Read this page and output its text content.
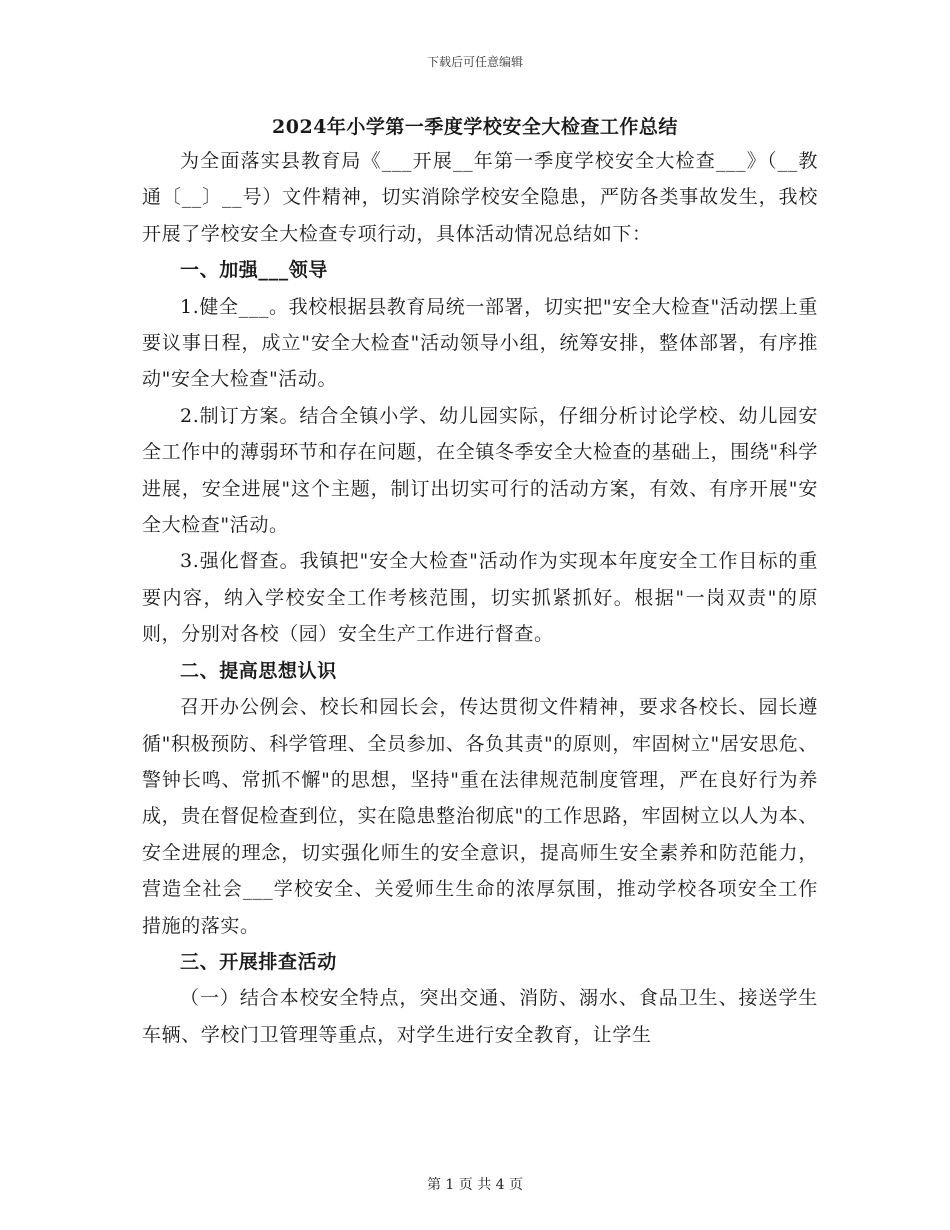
下载后可任意编辑
2024年小学第一季度学校安全大检查工作总结

为全面落实县教育局《___开展__年第一季度学校安全大检查___》（__教通〔__〕__号）文件精神，切实消除学校安全隐患，严防各类事故发生，我校开展了学校安全大检查专项行动，具体活动情况总结如下：

一、加强___领导

1.健全___。我校根据县教育局统一部署，切实把"安全大检查"活动摆上重要议事日程，成立"安全大检查"活动领导小组，统筹安排，整体部署，有序推动"安全大检查"活动。

2.制订方案。结合全镇小学、幼儿园实际，仔细分析讨论学校、幼儿园安全工作中的薄弱环节和存在问题，在全镇冬季安全大检查的基础上，围绕"科学进展，安全进展"这个主题，制订出切实可行的活动方案，有效、有序开展"安全大检查"活动。

3.强化督查。我镇把"安全大检查"活动作为实现本年度安全工作目标的重要内容，纳入学校安全工作考核范围，切实抓紧抓好。根据"一岗双责"的原则，分别对各校（园）安全生产工作进行督查。

二、提高思想认识

召开办公例会、校长和园长会，传达贯彻文件精神，要求各校长、园长遵循"积极预防、科学管理、全员参加、各负其责"的原则，牢固树立"居安思危、警钟长鸣、常抓不懈"的思想，坚持"重在法律规范制度管理，严在良好行为养成，贵在督促检查到位，实在隐患整治彻底"的工作思路，牢固树立以人为本、安全进展的理念，切实强化师生的安全意识，提高师生安全素养和防范能力，营造全社会___学校安全、关爱师生生命的浓厚氛围，推动学校各项安全工作措施的落实。

三、开展排查活动

（一）结合本校安全特点，突出交通、消防、溺水、食品卫生、接送学生车辆、学校门卫管理等重点，对学生进行安全教育，让学生

第 1 页 共 4 页
